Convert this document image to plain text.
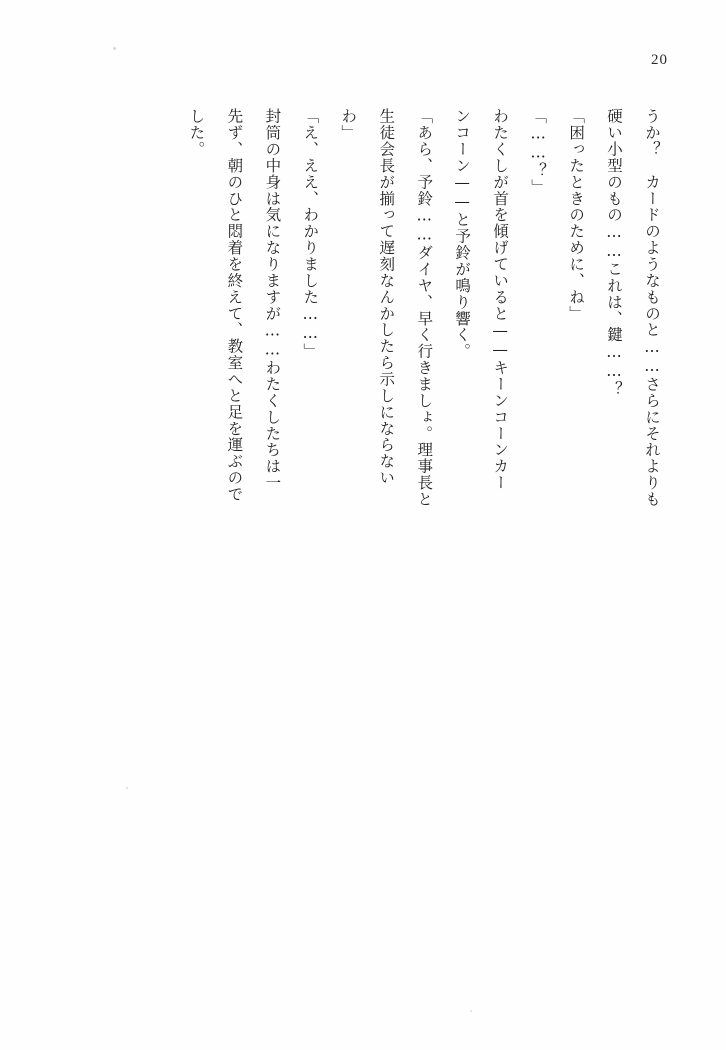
20

うか？　カードのようなものと……さらにそれよりも

硬い小型のもの……これは、鍵……？

「困ったときのために、ね」

「……？」

わたくしが首を傾げていると——キーンコーンカー

ンコーン——と予鈴が鳴り響く。

「あら、予鈴……ダイヤ、早く行きましょ。理事長と

生徒会長が揃って遅刻なんかしたら示しにならない

わ」

「え、ええ、わかりました……」

封筒の中身は気になりますが……わたくしたちは一

先ず、朝のひと悶着を終えて、教室へと足を運ぶので

した。
